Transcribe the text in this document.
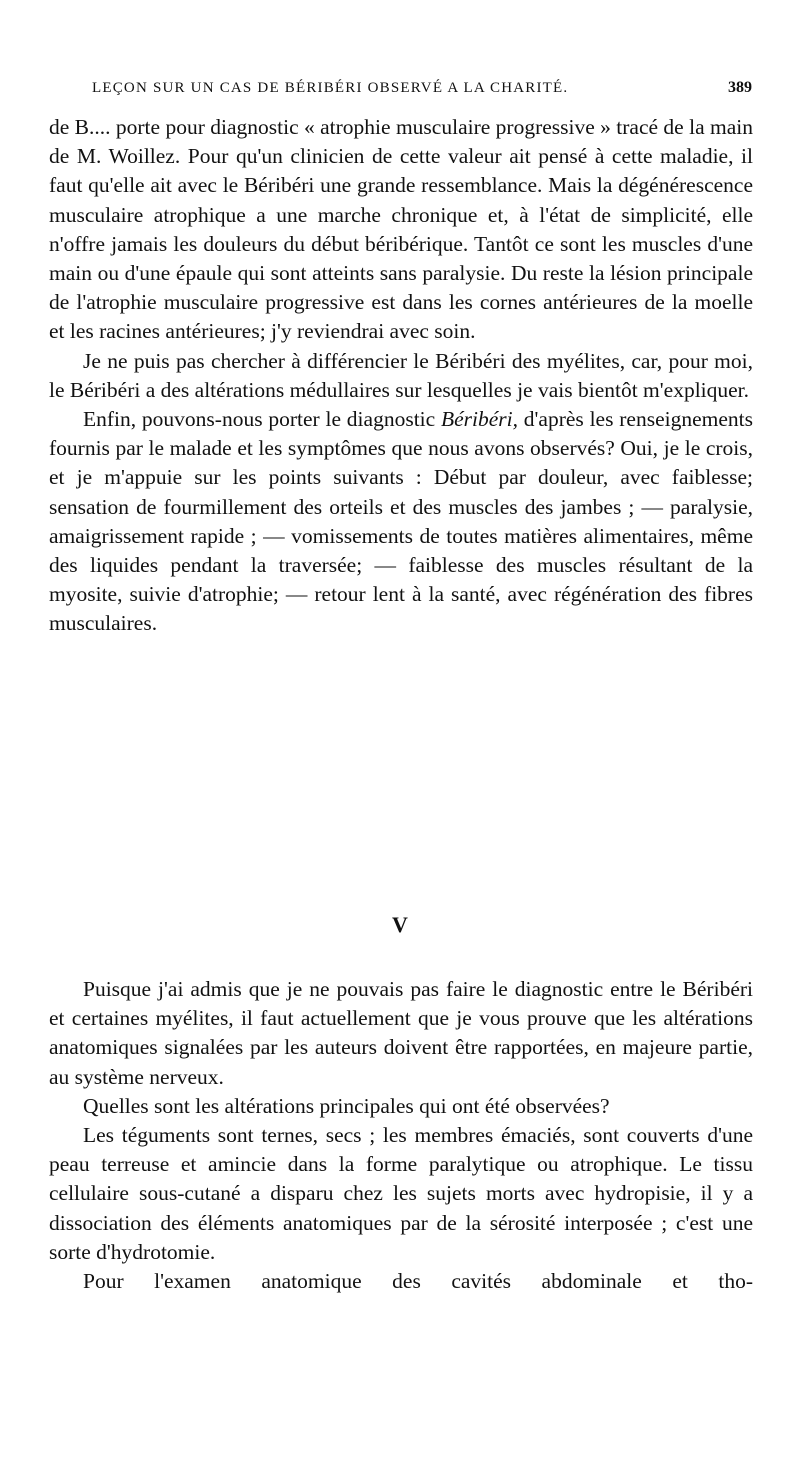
LEÇON SUR UN CAS DE BÉRIBÉRI OBSERVÉ A LA CHARITÉ.	389

de B.... porte pour diagnostic « atrophie musculaire progressive » tracé de la main de M. Woillez. Pour qu'un clinicien de cette valeur ait pensé à cette maladie, il faut qu'elle ait avec le Béribéri une grande ressemblance. Mais la dégénérescence musculaire atrophique a une marche chronique et, à l'état de simplicité, elle n'offre jamais les douleurs du début béribérique. Tantôt ce sont les muscles d'une main ou d'une épaule qui sont atteints sans paralysie. Du reste la lésion principale de l'atrophie musculaire progressive est dans les cornes antérieures de la moelle et les racines antérieures; j'y reviendrai avec soin.

Je ne puis pas chercher à différencier le Béribéri des myélites, car, pour moi, le Béribéri a des altérations médullaires sur lesquelles je vais bientôt m'expliquer.

Enfin, pouvons-nous porter le diagnostic Béribéri, d'après les renseignements fournis par le malade et les symptômes que nous avons observés? Oui, je le crois, et je m'appuie sur les points suivants : Début par douleur, avec faiblesse; sensation de fourmillement des orteils et des muscles des jambes ; — paralysie, amaigrissement rapide ; — vomissements de toutes matières alimentaires, même des liquides pendant la traversée; — faiblesse des muscles résultant de la myosite, suivie d'atrophie; — retour lent à la santé, avec régénération des fibres musculaires.

V

Puisque j'ai admis que je ne pouvais pas faire le diagnostic entre le Béribéri et certaines myélites, il faut actuellement que je vous prouve que les altérations anatomiques signalées par les auteurs doivent être rapportées, en majeure partie, au système nerveux.

Quelles sont les altérations principales qui ont été observées?

Les téguments sont ternes, secs ; les membres émaciés, sont couverts d'une peau terreuse et amincie dans la forme paralytique ou atrophique. Le tissu cellulaire sous-cutané a disparu chez les sujets morts avec hydropisie, il y a dissociation des éléments anatomiques par de la sérosité interposée ; c'est une sorte d'hydrotomie.

Pour l'examen anatomique des cavités abdominale et tho-
